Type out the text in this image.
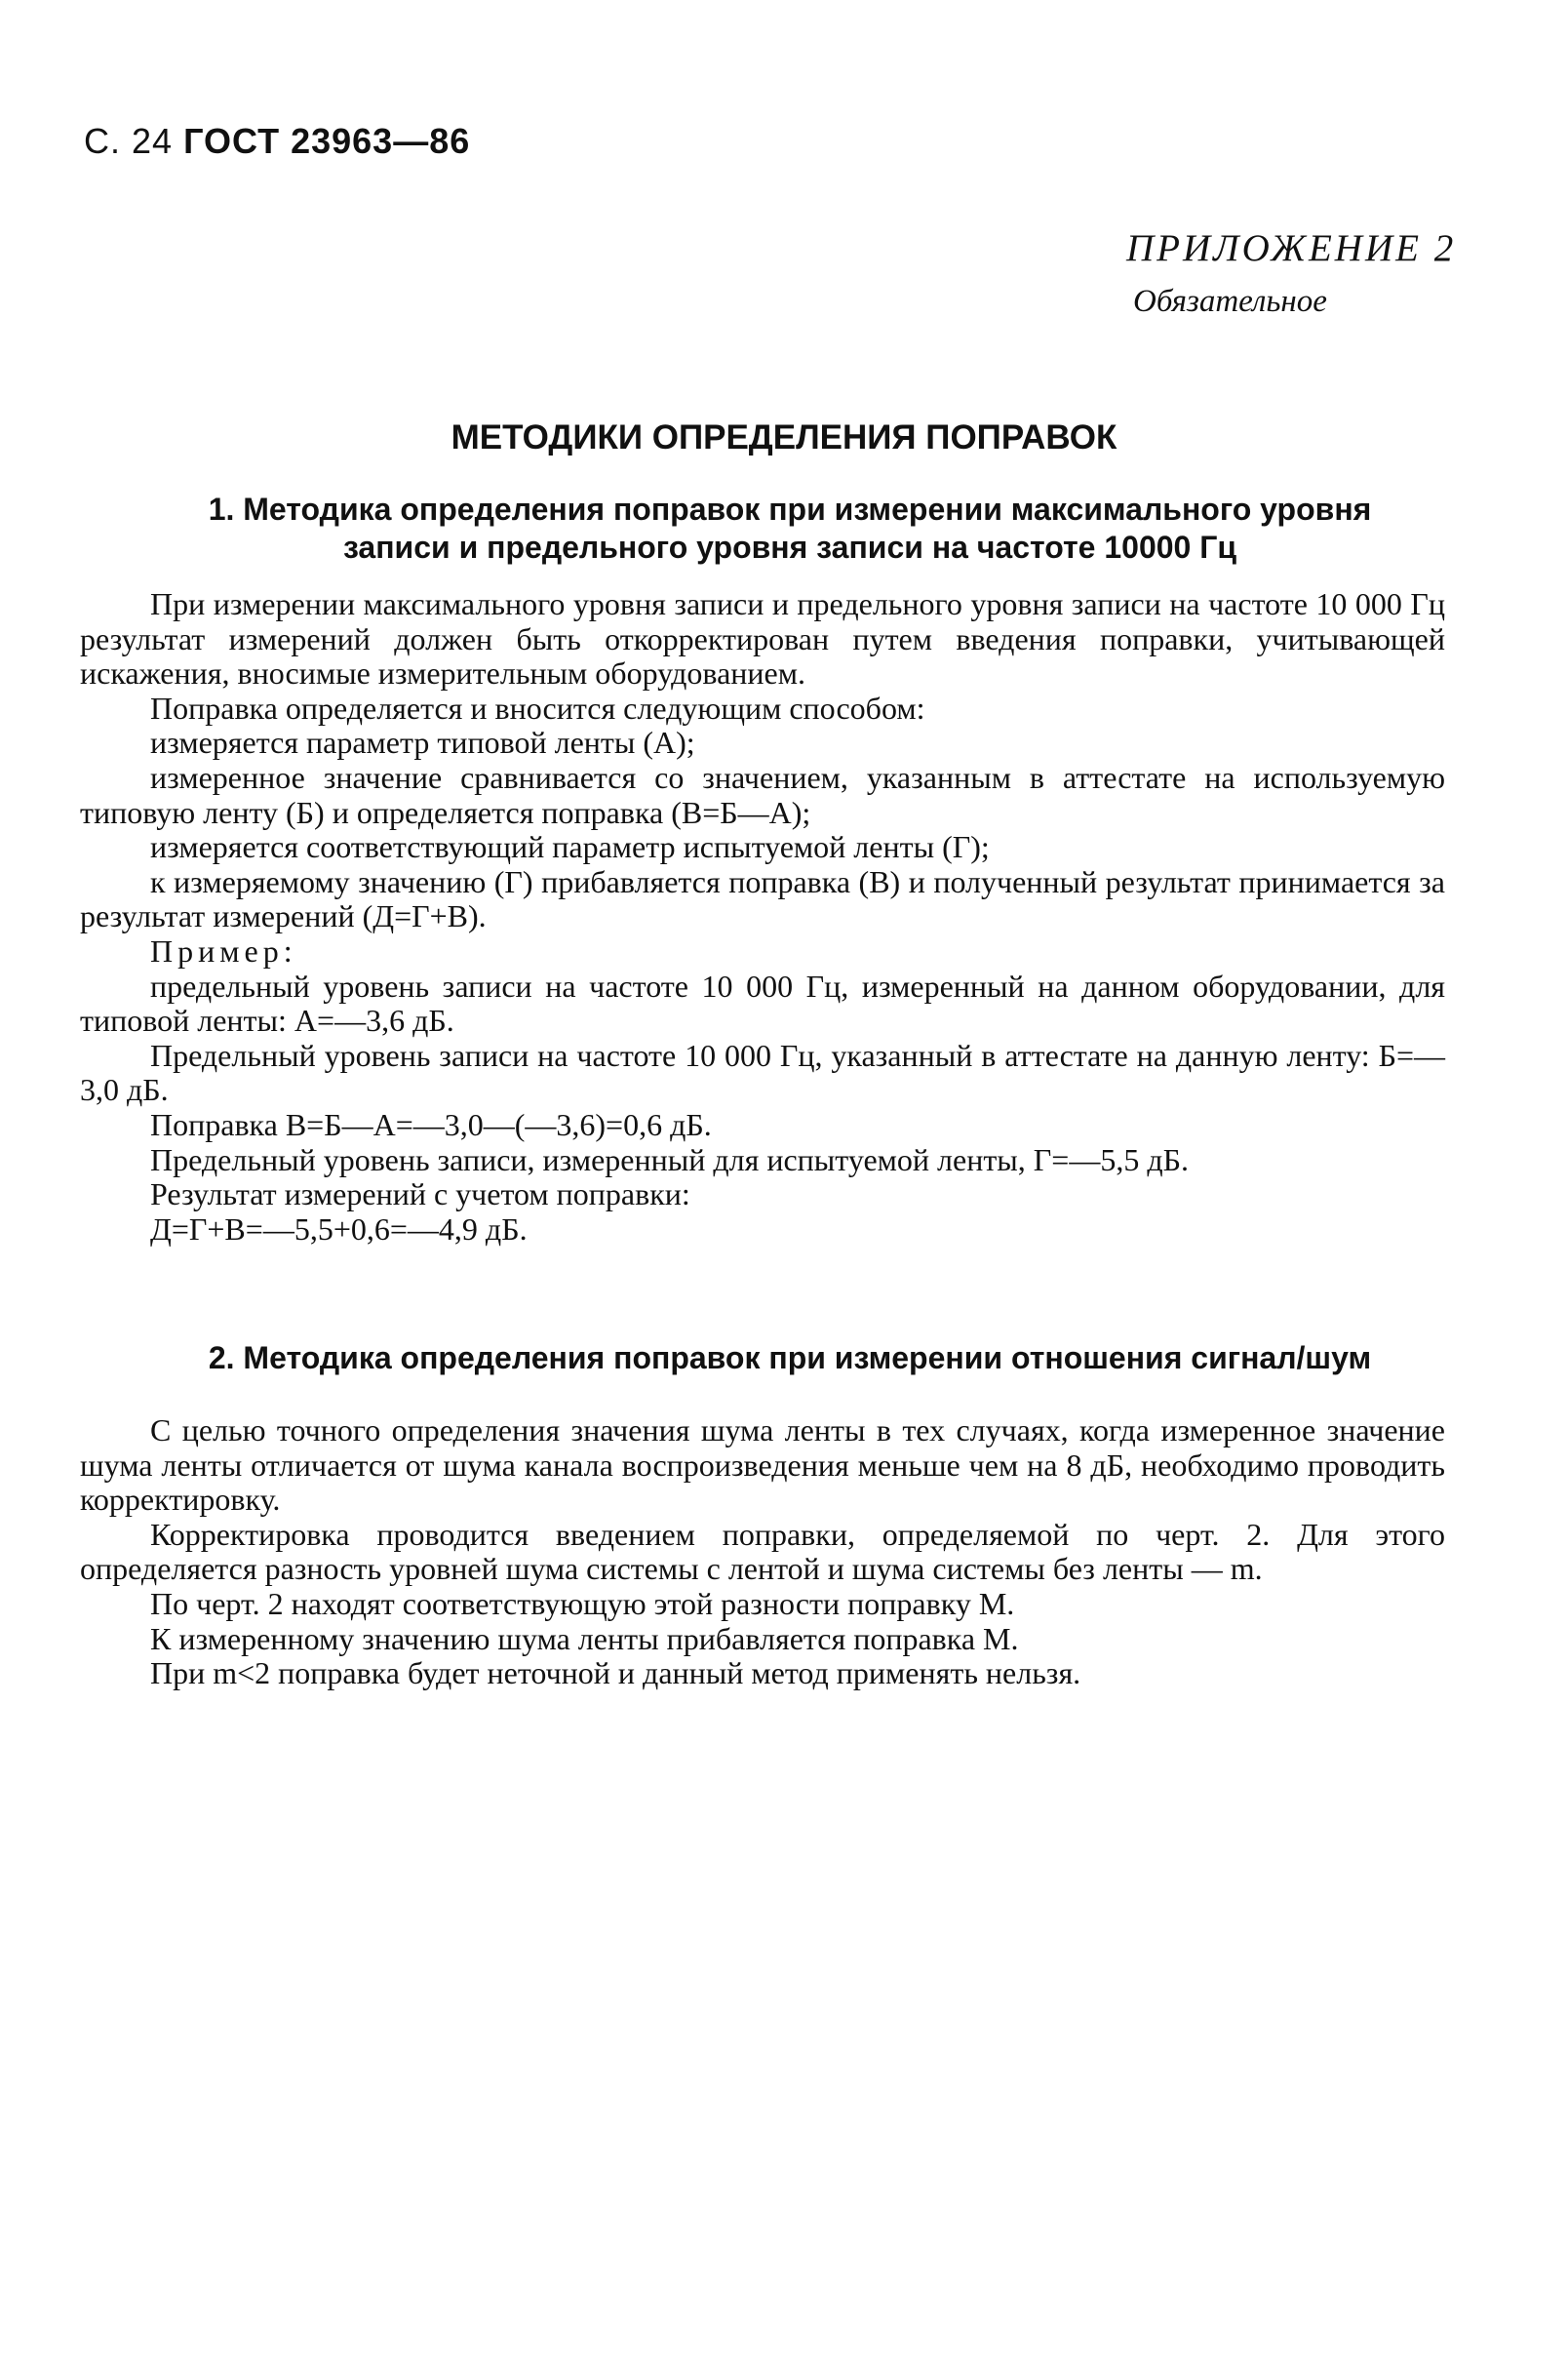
С. 24 ГОСТ 23963—86
ПРИЛОЖЕНИЕ 2
Обязательное
МЕТОДИКИ ОПРЕДЕЛЕНИЯ ПОПРАВОК
1. Методика определения поправок при измерении максимального уровня
записи и предельного уровня записи на частоте 10000 Гц

При измерении максимального уровня записи и предельного уровня записи на частоте 10 000 Гц результат измерений должен быть откорректирован путем введения поправки, учитывающей искажения, вносимые измерительным оборудованием.

Поправка определяется и вносится следующим способом:

измеряется параметр типовой ленты (A);

измеренное значение сравнивается со значением, указанным в аттестате на используемую типовую ленту (Б) и определяется поправка (B=Б—A);

измеряется соответствующий параметр испытуемой ленты (Г);

к измеряемому значению (Г) прибавляется поправка (B) и полученный результат принимается за результат измерений (Д=Г+B).

Пример:

предельный уровень записи на частоте 10 000 Гц, измеренный на данном оборудовании, для типовой ленты: A=—3,6 дБ.

Предельный уровень записи на частоте 10 000 Гц, указанный в аттестате на данную ленту: Б=—3,0 дБ.

Поправка B=Б—A=—3,0—(—3,6)=0,6 дБ.

Предельный уровень записи, измеренный для испытуемой ленты, Г=—5,5 дБ.

Результат измерений с учетом поправки:

Д=Г+B=—5,5+0,6=—4,9 дБ.

2. Методика определения поправок при измерении отношения сигнал/шум

С целью точного определения значения шума ленты в тех случаях, когда измеренное значение шума ленты отличается от шума канала воспроизведения меньше чем на 8 дБ, необходимо проводить корректировку.

Корректировка проводится введением поправки, определяемой по черт. 2. Для этого определяется разность уровней шума системы с лентой и шума системы без ленты — m.

По черт. 2 находят соответствующую этой разности поправку M.

К измеренному значению шума ленты прибавляется поправка M.

При m<2 поправка будет неточной и данный метод применять нельзя.
